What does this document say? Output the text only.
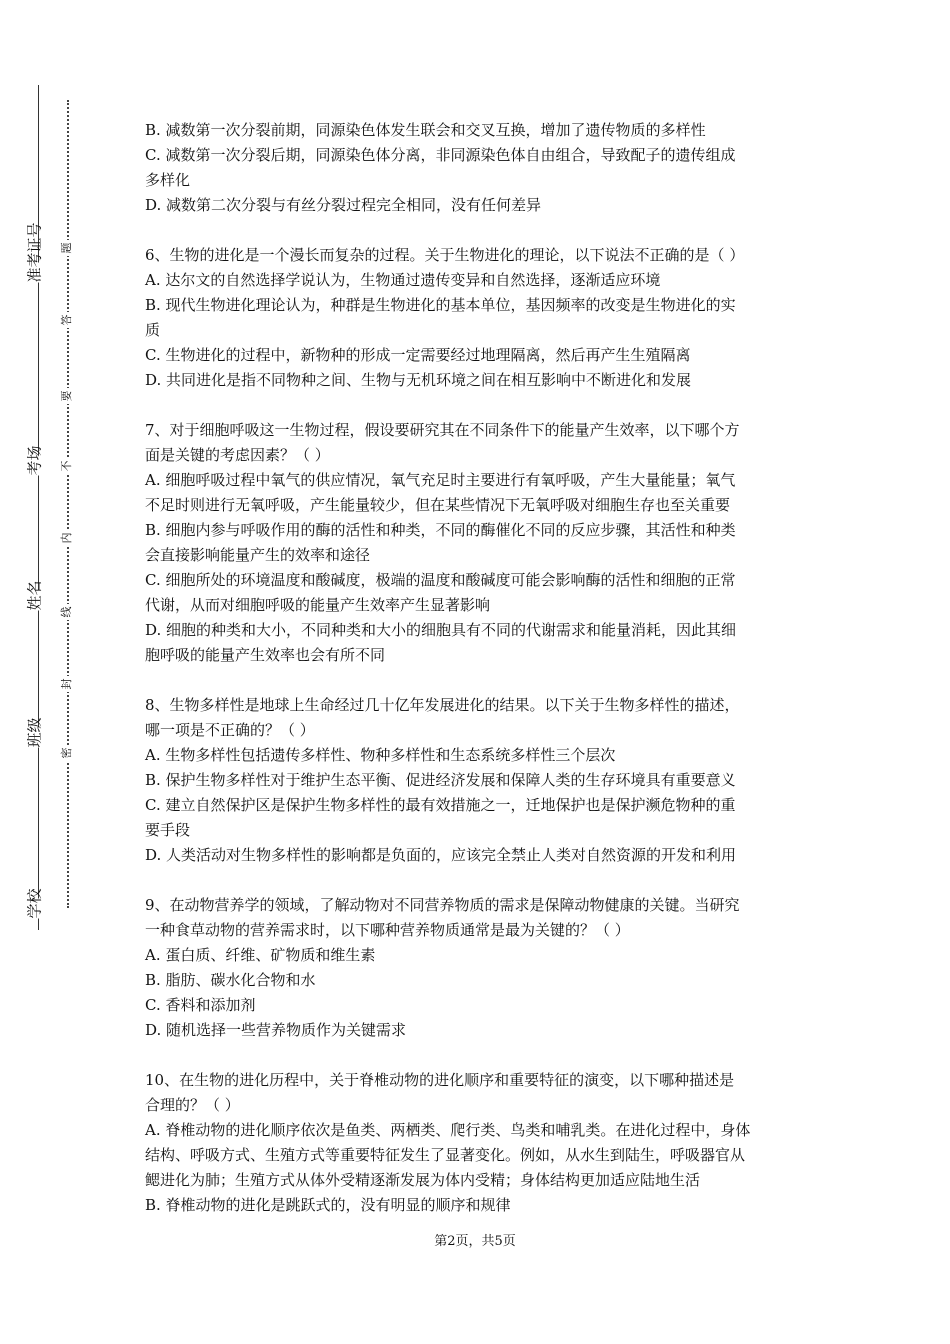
准考证号
考场
姓名
班级
学校
题
答
要
不
内
线
封
密
B. 减数第一次分裂前期，同源染色体发生联会和交叉互换，增加了遗传物质的多样性
C. 减数第一次分裂后期，同源染色体分离，非同源染色体自由组合，导致配子的遗传组成
多样化
D. 减数第二次分裂与有丝分裂过程完全相同，没有任何差异
6、生物的进化是一个漫长而复杂的过程。关于生物进化的理论，以下说法不正确的是（ ）
A. 达尔文的自然选择学说认为，生物通过遗传变异和自然选择，逐渐适应环境
B. 现代生物进化理论认为，种群是生物进化的基本单位，基因频率的改变是生物进化的实
质
C. 生物进化的过程中，新物种的形成一定需要经过地理隔离，然后再产生生殖隔离
D. 共同进化是指不同物种之间、生物与无机环境之间在相互影响中不断进化和发展
7、对于细胞呼吸这一生物过程，假设要研究其在不同条件下的能量产生效率，以下哪个方
面是关键的考虑因素？（ ）
A. 细胞呼吸过程中氧气的供应情况，氧气充足时主要进行有氧呼吸，产生大量能量；氧气
不足时则进行无氧呼吸，产生能量较少，但在某些情况下无氧呼吸对细胞生存也至关重要
B. 细胞内参与呼吸作用的酶的活性和种类，不同的酶催化不同的反应步骤，其活性和种类
会直接影响能量产生的效率和途径
C. 细胞所处的环境温度和酸碱度，极端的温度和酸碱度可能会影响酶的活性和细胞的正常
代谢，从而对细胞呼吸的能量产生效率产生显著影响
D. 细胞的种类和大小，不同种类和大小的细胞具有不同的代谢需求和能量消耗，因此其细
胞呼吸的能量产生效率也会有所不同
8、生物多样性是地球上生命经过几十亿年发展进化的结果。以下关于生物多样性的描述，
哪一项是不正确的？（ ）
A. 生物多样性包括遗传多样性、物种多样性和生态系统多样性三个层次
B. 保护生物多样性对于维护生态平衡、促进经济发展和保障人类的生存环境具有重要意义
C. 建立自然保护区是保护生物多样性的最有效措施之一，迁地保护也是保护濒危物种的重
要手段
D. 人类活动对生物多样性的影响都是负面的，应该完全禁止人类对自然资源的开发和利用
9、在动物营养学的领域，了解动物对不同营养物质的需求是保障动物健康的关键。当研究
一种食草动物的营养需求时，以下哪种营养物质通常是最为关键的？（ ）
A. 蛋白质、纤维、矿物质和维生素
B. 脂肪、碳水化合物和水
C. 香料和添加剂
D. 随机选择一些营养物质作为关键需求
10、在生物的进化历程中，关于脊椎动物的进化顺序和重要特征的演变，以下哪种描述是
合理的？（ ）
A. 脊椎动物的进化顺序依次是鱼类、两栖类、爬行类、鸟类和哺乳类。在进化过程中，身体
结构、呼吸方式、生殖方式等重要特征发生了显著变化。例如，从水生到陆生，呼吸器官从
鳃进化为肺；生殖方式从体外受精逐渐发展为体内受精；身体结构更加适应陆地生活
B. 脊椎动物的进化是跳跃式的，没有明显的顺序和规律
第2页，共5页
